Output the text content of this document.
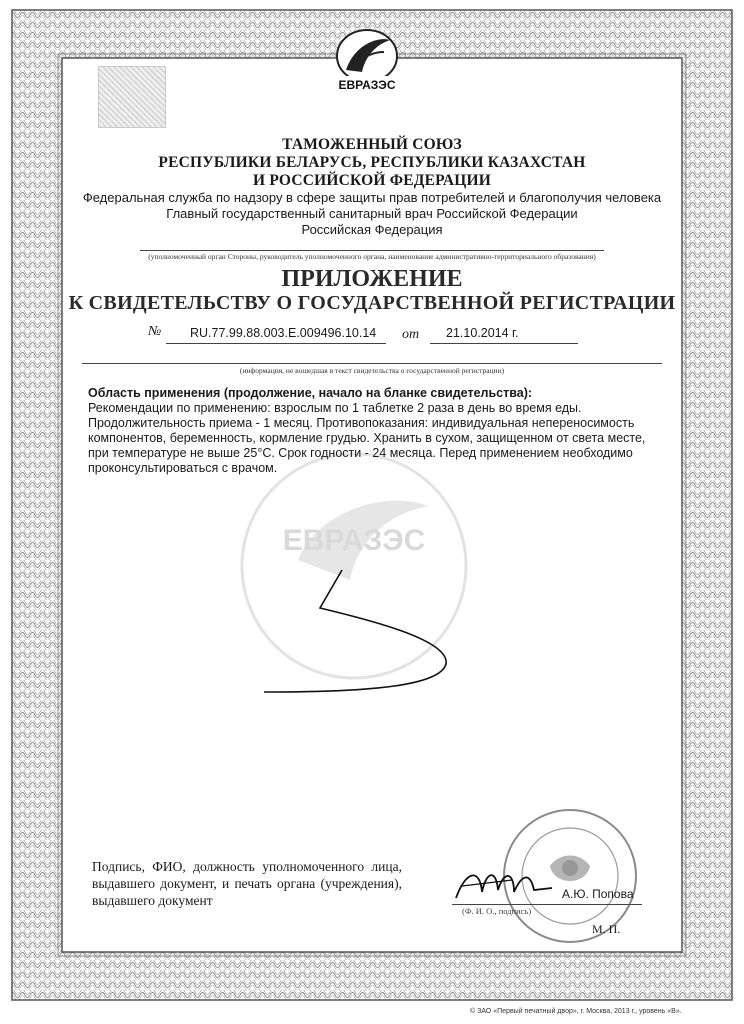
ЕВРАЗЭС
ТАМОЖЕННЫЙ СОЮЗ
РЕСПУБЛИКИ БЕЛАРУСЬ, РЕСПУБЛИКИ КАЗАХСТАН
И РОССИЙСКОЙ ФЕДЕРАЦИИ
Федеральная служба по надзору в сфере защиты прав потребителей и благополучия человека
Главный государственный санитарный врач Российской Федерации
Российская Федерация
(уполномоченный орган Стороны, руководитель уполномоченного органа, наименование административно-территориального образования)
ПРИЛОЖЕНИЕ
К СВИДЕТЕЛЬСТВУ О ГОСУДАРСТВЕННОЙ РЕГИСТРАЦИИ
№ RU.77.99.88.003.E.009496.10.14 от 21.10.2014 г.
(информация, не вошедшая в текст свидетельства о государственной регистрации)
ЕВРАЗЭС
Область применения (продолжение, начало на бланке свидетельства):
Рекомендации по применению: взрослым по 1 таблетке 2 раза в день во время еды. Продолжительность приема - 1 месяц. Противопоказания: индивидуальная непереносимость компонентов, беременность, кормление грудью. Хранить в сухом, защищенном от светa месте, при температуре не выше 25°С. Срок годности - 24 месяца. Перед применением необходимо проконсультироваться с врачом.
Подпись, ФИО, должность уполномоченного лица, выдавшего документ, и печать органа (учреждения), выдавшего документ	А.Ю. Попова
(Ф. И. О., подпись)
М. П.
© ЗАО «Первый печатный двор», г. Москва, 2013 г., уровень «В».
